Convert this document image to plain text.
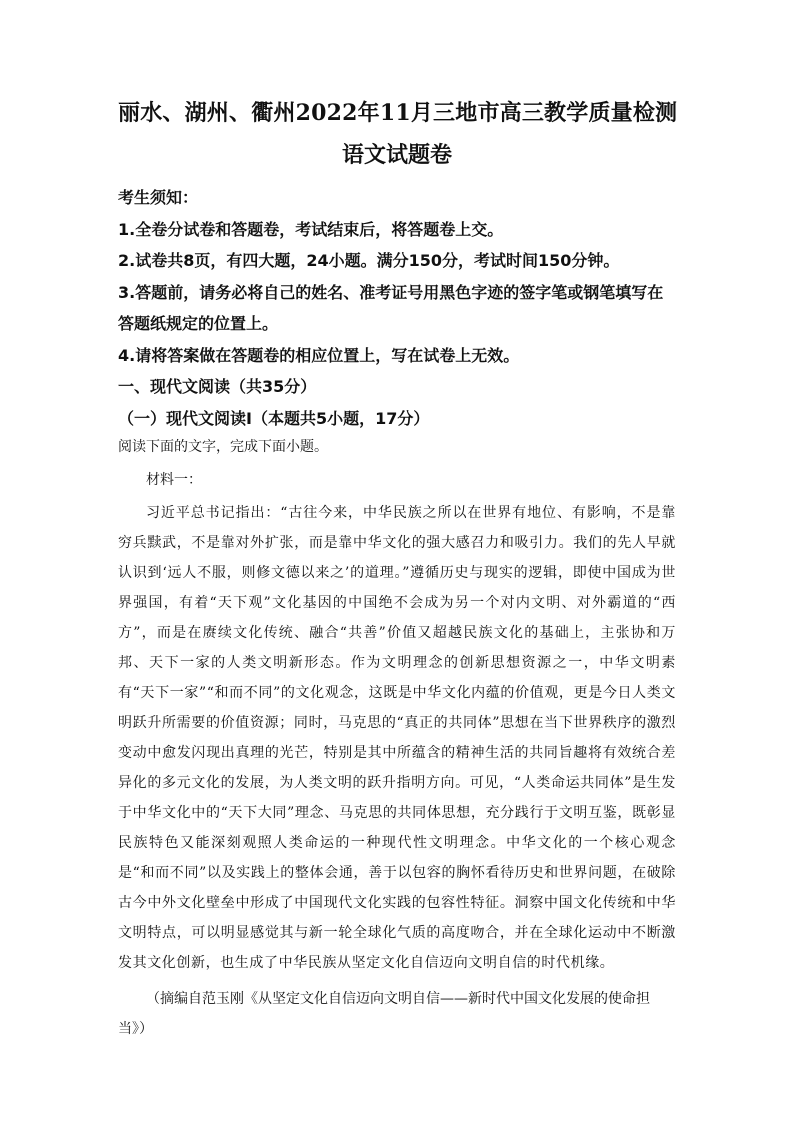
丽水、湖州、衢州2022年11月三地市高三教学质量检测
语文试题卷

考生须知：

1.全卷分试卷和答题卷，考试结束后，将答题卷上交。

2.试卷共8页，有四大题，24小题。满分150分，考试时间150分钟。

3.答题前，请务必将自己的姓名、准考证号用黑色字迹的签字笔或钢笔填写在答题纸规定的位置上。

4.请将答案做在答题卷的相应位置上，写在试卷上无效。

一、现代文阅读（共35分）

（一）现代文阅读Ⅰ（本题共5小题，17分）

阅读下面的文字，完成下面小题。

材料一：

习近平总书记指出：“古往今来，中华民族之所以在世界有地位、有影响，不是靠穷兵黩武，不是靠对外扩张，而是靠中华文化的强大感召力和吸引力。我们的先人早就认识到‘远人不服，则修文德以来之’的道理。”遵循历史与现实的逻辑，即使中国成为世界强国，有着“天下观”文化基因的中国绝不会成为另一个对内文明、对外霸道的“西方”，而是在赓续文化传统、融合“共善”价值又超越民族文化的基础上，主张协和万邦、天下一家的人类文明新形态。作为文明理念的创新思想资源之一，中华文明素有“天下一家”“和而不同”的文化观念，这既是中华文化内蕴的价值观，更是今日人类文明跃升所需要的价值资源；同时，马克思的“真正的共同体”思想在当下世界秩序的激烈变动中愈发闪现出真理的光芒，特别是其中所蕴含的精神生活的共同旨趣将有效统合差异化的多元文化的发展，为人类文明的跃升指明方向。可见，“人类命运共同体”是生发于中华文化中的“天下大同”理念、马克思的共同体思想，充分践行于文明互鉴，既彰显民族特色又能深刻观照人类命运的一种现代性文明理念。中华文化的一个核心观念是“和而不同”以及实践上的整体会通，善于以包容的胸怀看待历史和世界问题，在破除古今中外文化壁垒中形成了中国现代文化实践的包容性特征。洞察中国文化传统和中华文明特点，可以明显感觉其与新一轮全球化气质的高度吻合，并在全球化运动中不断激发其文化创新，也生成了中华民族从坚定文化自信迈向文明自信的时代机缘。

（摘编自范玉刚《从坚定文化自信迈向文明自信——新时代中国文化发展的使命担当》）
